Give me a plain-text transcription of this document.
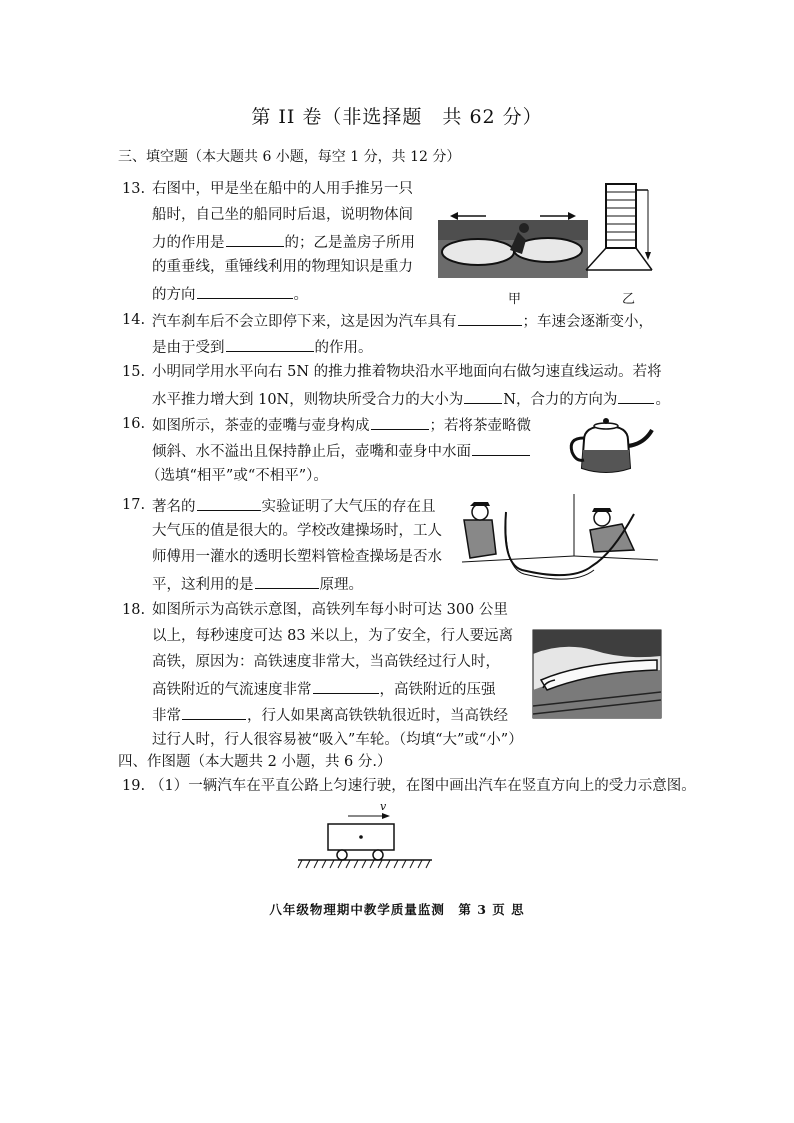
第 II 卷（非选择题　共 62 分）
三、填空题（本大题共 6 小题，每空 1 分，共 12 分）
13. 右图中，甲是坐在船中的人用手推另一只
船时，自己坐的船同时后退，说明物体间
力的作用是	的；乙是盖房子所用
的重垂线，重锤线利用的物理知识是重力
的方向	。	甲	乙
14. 汽车刹车后不会立即停下来，这是因为汽车具有	；车速会逐渐变小，
是由于受到	的作用。
15. 小明同学用水平向右 5N 的推力推着物块沿水平地面向右做匀速直线运动。若将
水平推力增大到 10N，则物块所受合力的大小为	N，合力的方向为	。
16. 如图所示，茶壶的壶嘴与壶身构成	；若将茶壶略微
倾斜、水不溢出且保持静止后，壶嘴和壶身中水面
（选填“相平”或“不相平”）。
17. 著名的	实验证明了大气压的存在且
大气压的值是很大的。学校改建操场时，工人
师傅用一灌水的透明长塑料管检查操场是否水
平，这利用的是	原理。
18. 如图所示为高铁示意图，高铁列车每小时可达 300 公里
以上，每秒速度可达 83 米以上，为了安全，行人要远离
高铁，原因为：高铁速度非常大，当高铁经过行人时，
高铁附近的气流速度非常	，高铁附近的压强
非常	，行人如果离高铁铁轨很近时，当高铁经
过行人时，行人很容易被“吸入”车轮。（均填“大”或“小”）
四、作图题（本大题共 2 小题，共 6 分.）
19. （1）一辆汽车在平直公路上匀速行驶，在图中画出汽车在竖直方向上的受力示意图。
v
八年级物理期中教学质量监测　第 3 页 思
